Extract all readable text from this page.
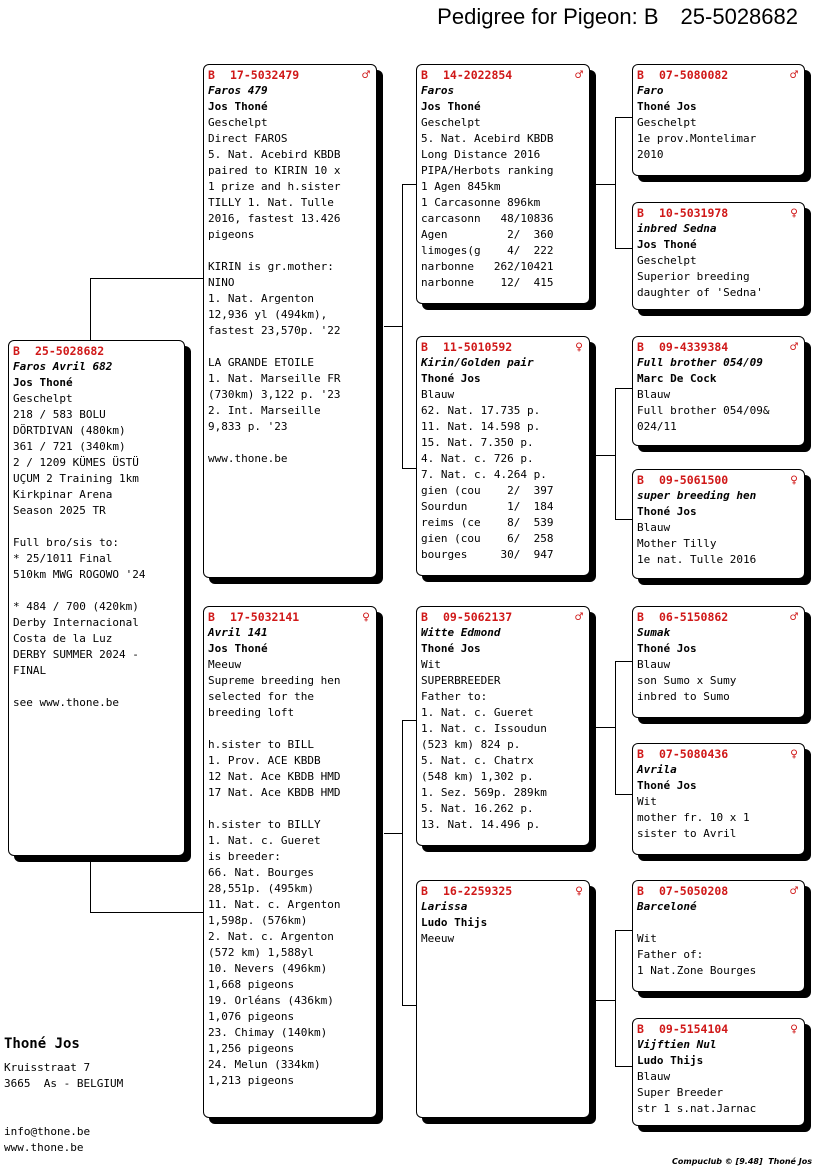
Pedigree for Pigeon: B 25-5028682
B	25-5028682
Faros Avril 682
Jos Thoné
Geschelpt
218 / 583 BOLU
DÖRTDIVAN (480km)
361 / 721 (340km)
2 / 1209 KÜMES ÜSTÜ
UÇUM 2 Training 1km
Kirkpinar Arena
Season 2025 TR
Full bro/sis to:
* 25/1011 Final
510km MWG ROGOWO '24
* 484 / 700 (420km)
Derby Internacional
Costa de la Luz
DERBY SUMMER 2024 -
FINAL
see www.thone.be
B	17-5032479	♂
Faros 479
Jos Thoné
Geschelpt
Direct FAROS
5. Nat. Acebird KBDB
paired to KIRIN 10 x
1 prize and h.sister
TILLY 1. Nat. Tulle
2016, fastest 13.426
pigeons
KIRIN is gr.mother:
NINO
1. Nat. Argenton
12,936 yl (494km),
fastest 23,570p. '22
LA GRANDE ETOILE
1. Nat. Marseille FR
(730km) 3,122 p. '23
2. Int. Marseille
9,833 p. '23
www.thone.be
B	17-5032141	♀
Avril 141
Jos Thoné
Meeuw
Supreme breeding hen
selected for the
breeding loft
h.sister to BILL
1. Prov. ACE KBDB
12 Nat. Ace KBDB HMD
17 Nat. Ace KBDB HMD
h.sister to BILLY
1. Nat. c. Gueret
is breeder:
66. Nat. Bourges
28,551p. (495km)
11. Nat. c. Argenton
1,598p. (576km)
2. Nat. c. Argenton
(572 km) 1,588yl
10. Nevers (496km)
1,668 pigeons
19. Orléans (436km)
1,076 pigeons
23. Chimay (140km)
1,256 pigeons
24. Melun (334km)
1,213 pigeons
B	14-2022854	♂
Faros
Jos Thoné
Geschelpt
5. Nat. Acebird KBDB
Long Distance 2016
PIPA/Herbots ranking
1 Agen 845km
1 Carcasonne 896km
carcasonn   48/10836
Agen         2/  360
limoges(g    4/  222
narbonne   262/10421
narbonne    12/  415
B	11-5010592	♀
Kirin/Golden pair
Thoné Jos
Blauw
62. Nat. 17.735 p.
11. Nat. 14.598 p.
15. Nat. 7.350 p.
4. Nat. c. 726 p.
7. Nat. c. 4.264 p.
gien (cou    2/  397
Sourdun      1/  184
reims (ce    8/  539
gien (cou    6/  258
bourges     30/  947
B	09-5062137	♂
Witte Edmond
Thoné Jos
Wit
SUPERBREEDER
Father to:
1. Nat. c. Gueret
1. Nat. c. Issoudun
(523 km) 824 p.
5. Nat. c. Chatrx
(548 km) 1,302 p.
1. Sez. 569p. 289km
5. Nat. 16.262 p.
13. Nat. 14.496 p.
B	16-2259325	♀
Larissa
Ludo Thijs
Meeuw
B	07-5080082	♂
Faro
Thoné Jos
Geschelpt
1e prov.Montelimar
2010
B	10-5031978	♀
inbred Sedna
Jos Thoné
Geschelpt
Superior breeding
daughter of 'Sedna'
B	09-4339384	♂
Full brother 054/09
Marc De Cock
Blauw
Full brother 054/09&
024/11
B	09-5061500	♀
super breeding hen
Thoné Jos
Blauw
Mother Tilly
1e nat. Tulle 2016
B	06-5150862	♂
Sumak
Thoné Jos
Blauw
son Sumo x Sumy
inbred to Sumo
B	07-5080436	♀
Avrila
Thoné Jos
Wit
mother fr. 10 x 1
sister to Avril
B	07-5050208	♂
Barceloné
Wit
Father of:
1 Nat.Zone Bourges
B	09-5154104	♀
Vijftien Nul
Ludo Thijs
Blauw
Super Breeder
str 1 s.nat.Jarnac
Thoné Jos
Kruisstraat 7
3665  As - BELGIUM
info@thone.be
www.thone.be
Compuclub © [9.48]  Thoné Jos
